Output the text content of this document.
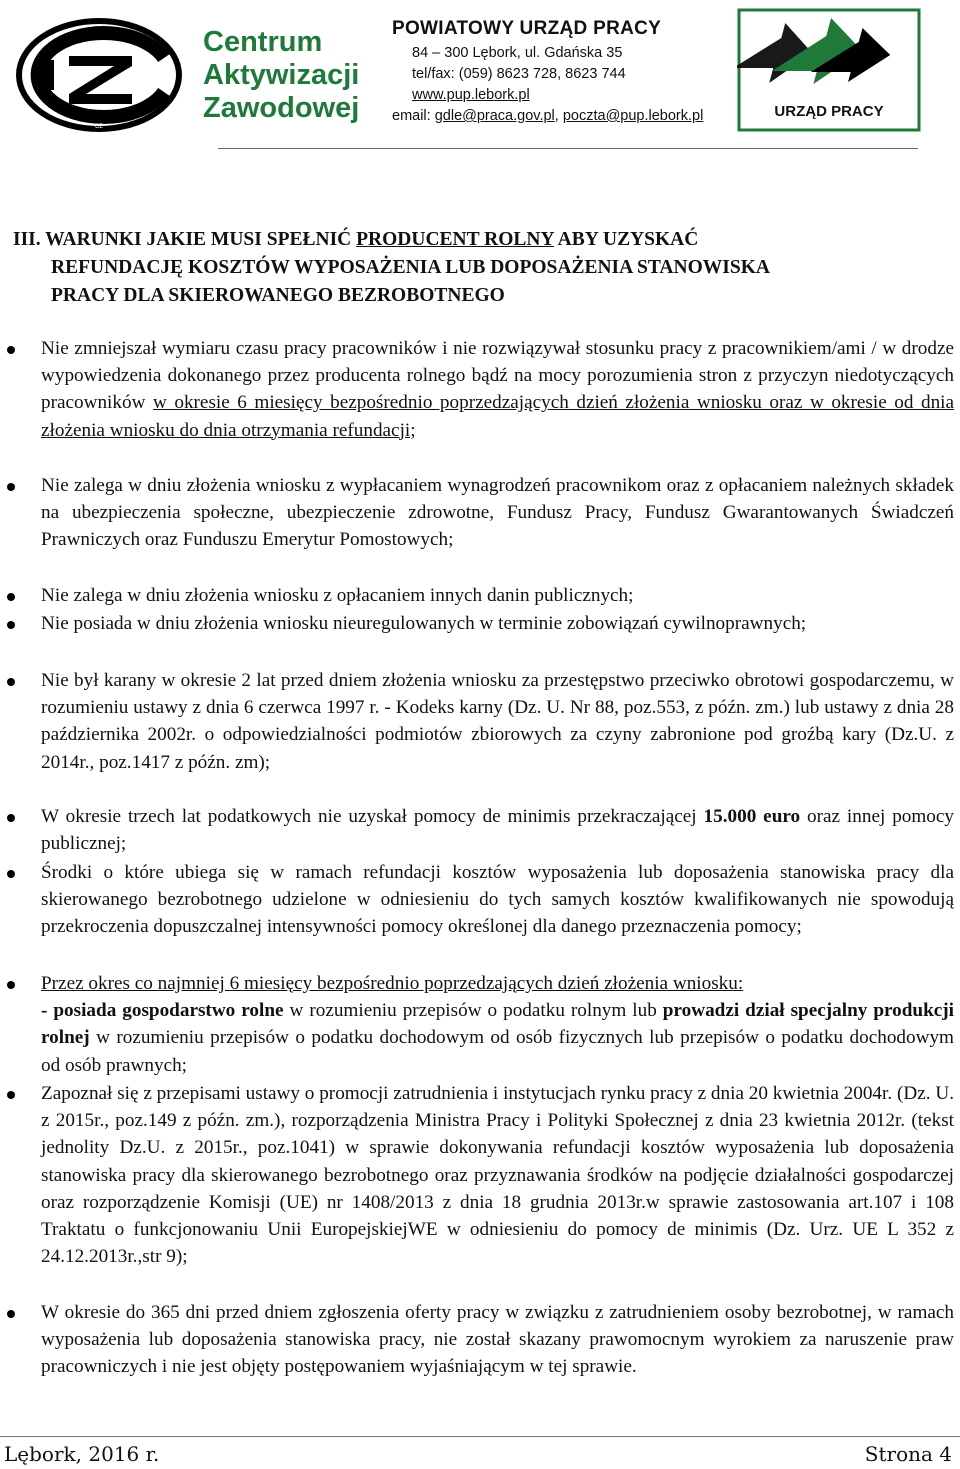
CZ
Centrum
Aktywizacji
Zawodowej
POWIATOWY URZĄD PRACY
84 – 300 Lębork, ul. Gdańska 35
tel/fax: (059) 8623 728, 8623 744
www.pup.lebork.pl
email: gdle@praca.gov.pl, poczta@pup.lebork.pl	URZĄD PRACY
III. WARUNKI JAKIE MUSI SPEŁNIĆ PRODUCENT ROLNY ABY UZYSKAĆ
REFUNDACJĘ KOSZTÓW WYPOSAŻENIA LUB DOPOSAŻENIA STANOWISKA
PRACY DLA SKIEROWANEGO BEZROBOTNEGO
Nie zmniejszał wymiaru czasu pracy pracowników i nie rozwiązywał stosunku pracy z pracownikiem/ami / w drodze wypowiedzenia dokonanego przez producenta rolnego bądź na mocy porozumienia stron z przyczyn niedotyczących pracowników w okresie 6 miesięcy bezpośrednio poprzedzających dzień złożenia wniosku oraz w okresie od dnia złożenia wniosku do dnia otrzymania refundacji;
Nie zalega w dniu złożenia wniosku z wypłacaniem wynagrodzeń pracownikom oraz z opłacaniem należnych składek na ubezpieczenia społeczne, ubezpieczenie zdrowotne, Fundusz Pracy, Fundusz Gwarantowanych Świadczeń Prawniczych oraz Funduszu Emerytur Pomostowych;
Nie zalega w dniu złożenia wniosku z opłacaniem innych danin publicznych;
Nie posiada w dniu złożenia wniosku nieuregulowanych w terminie zobowiązań cywilnoprawnych;
Nie był karany w okresie 2 lat przed dniem złożenia wniosku za przestępstwo przeciwko obrotowi gospodarczemu, w rozumieniu ustawy z dnia 6 czerwca 1997 r. - Kodeks karny (Dz. U. Nr 88, poz.553, z późn. zm.) lub ustawy z dnia 28 października 2002r. o odpowiedzialności podmiotów zbiorowych za czyny zabronione pod groźbą kary (Dz.U. z 2014r., poz.1417 z późn. zm);
W okresie trzech lat podatkowych nie uzyskał pomocy de minimis przekraczającej 15.000 euro oraz innej pomocy publicznej;
Środki o które ubiega się w ramach refundacji kosztów wyposażenia lub doposażenia stanowiska pracy dla skierowanego bezrobotnego udzielone w odniesieniu do tych samych kosztów kwalifikowanych nie spowodują przekroczenia dopuszczalnej intensywności pomocy określonej dla danego przeznaczenia pomocy;
Przez okres co najmniej 6 miesięcy bezpośrednio poprzedzających dzień złożenia wniosku:
- posiada gospodarstwo rolne w rozumieniu przepisów o podatku rolnym lub prowadzi dział specjalny produkcji rolnej w rozumieniu przepisów o podatku dochodowym od osób fizycznych lub przepisów o podatku dochodowym od osób prawnych;
Zapoznał się z przepisami ustawy o promocji zatrudnienia i instytucjach rynku pracy z dnia 20 kwietnia 2004r. (Dz. U. z 2015r., poz.149 z późn. zm.), rozporządzenia Ministra Pracy i Polityki Społecznej z dnia 23 kwietnia 2012r. (tekst jednolity Dz.U. z 2015r., poz.1041) w sprawie dokonywania refundacji kosztów wyposażenia lub doposażenia stanowiska pracy dla skierowanego bezrobotnego oraz przyznawania środków na podjęcie działalności gospodarczej oraz rozporządzenie Komisji (UE) nr 1408/2013 z dnia 18 grudnia 2013r.w sprawie zastosowania art.107 i 108 Traktatu o funkcjonowaniu Unii EuropejskiejWE w odniesieniu do pomocy de minimis (Dz. Urz. UE L 352 z 24.12.2013r.,str 9);
W okresie do 365 dni przed dniem zgłoszenia oferty pracy w związku z zatrudnieniem osoby bezrobotnej, w ramach wyposażenia lub doposażenia stanowiska pracy, nie został skazany prawomocnym wyrokiem za naruszenie praw pracowniczych i nie jest objęty postępowaniem wyjaśniającym w tej sprawie.
Lębork, 2016 r.	Strona 4
